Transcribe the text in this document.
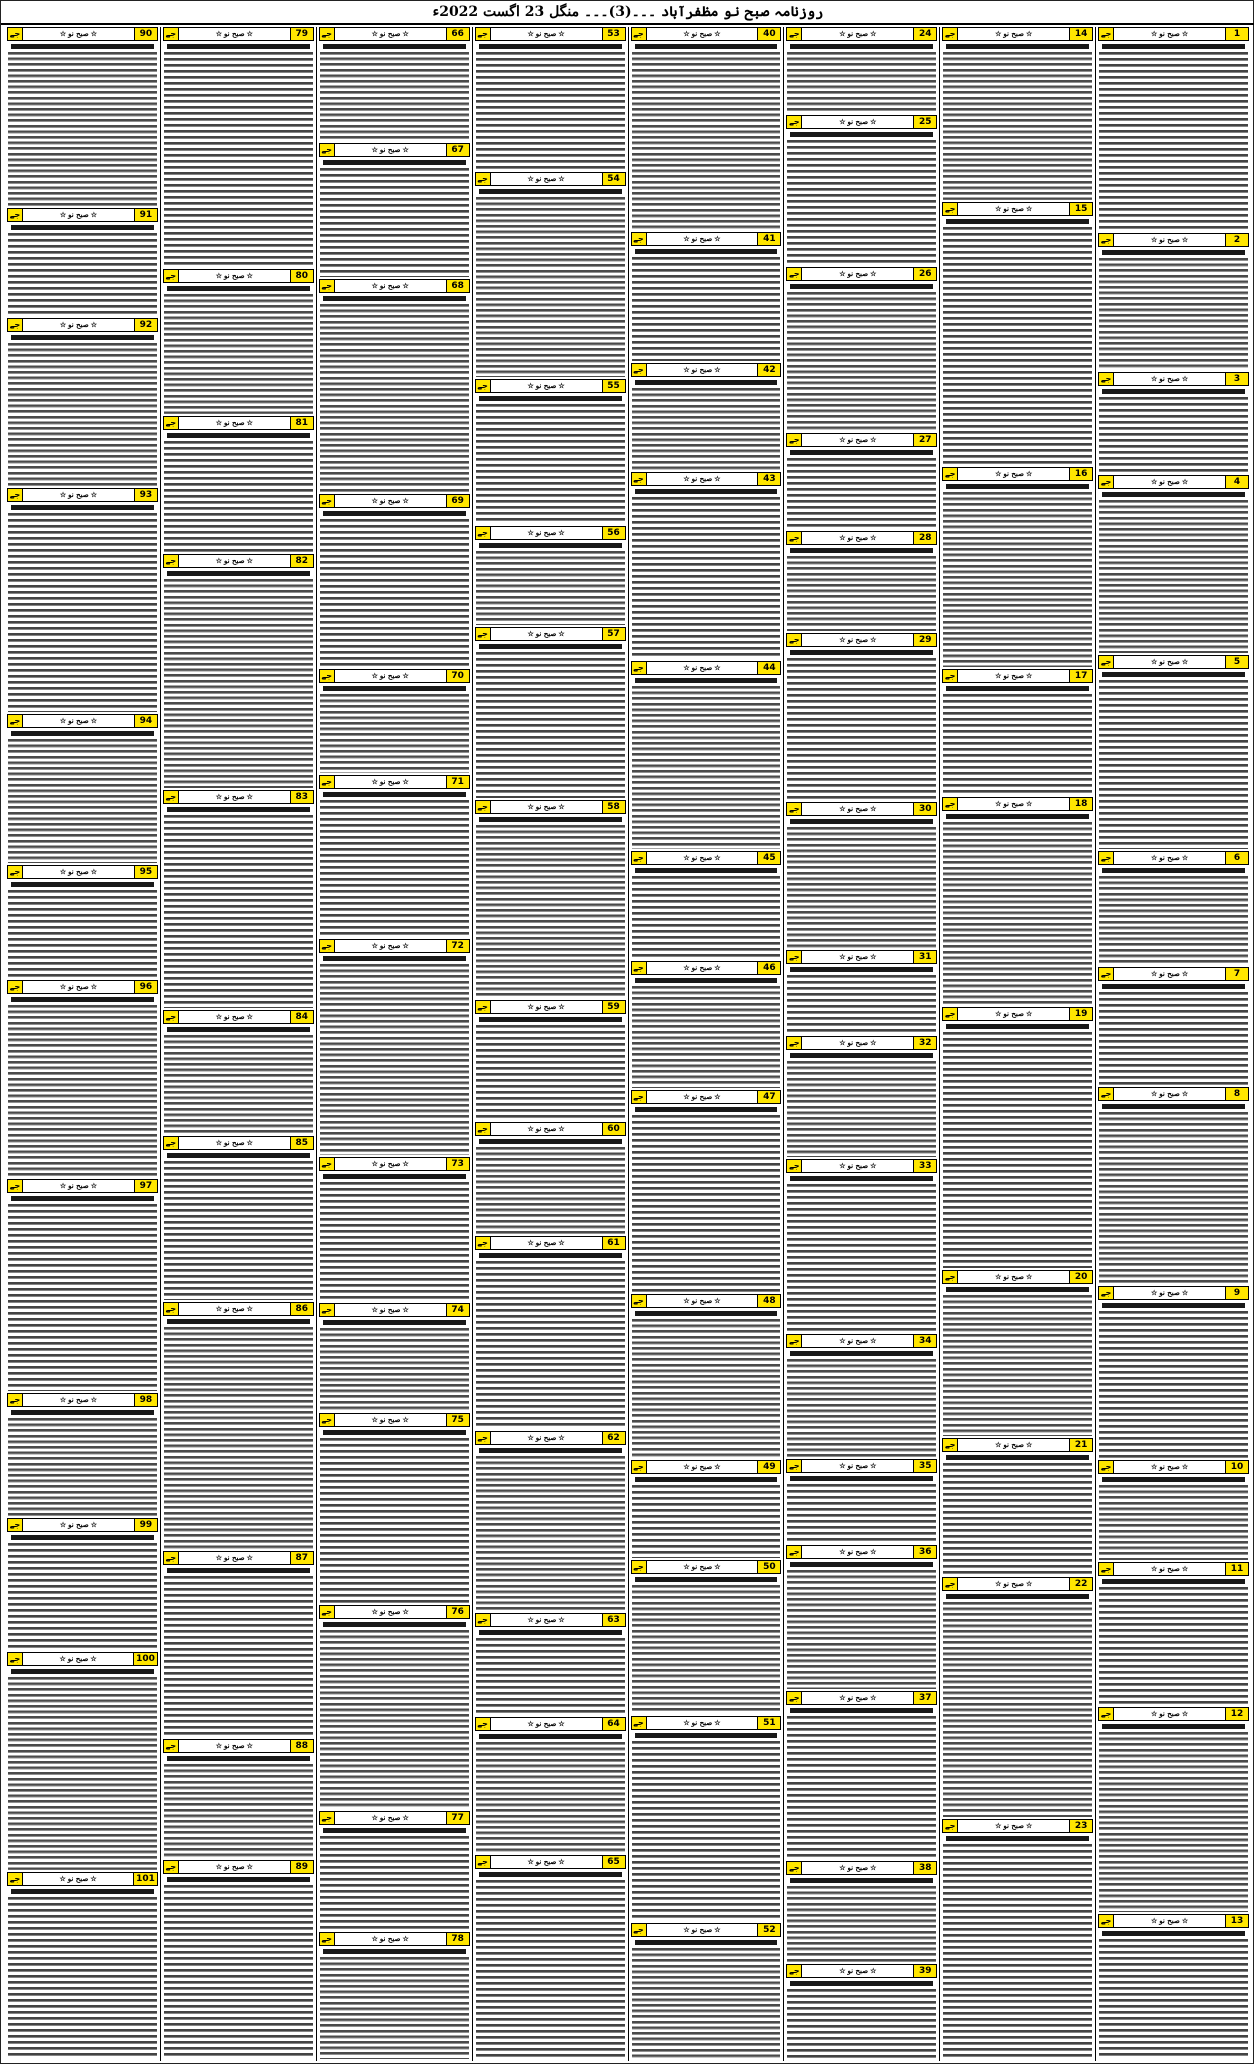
روزنامہ صبح نو مظفرآباد ۔۔۔(3)۔۔۔ منگل 23 اگست 2022ء
1
☆صبح نو☆
جے
2
☆صبح نو☆
جے
3
☆صبح نو☆
جے
4
☆صبح نو☆
جے
5
☆صبح نو☆
جے
6
☆صبح نو☆
جے
7
☆صبح نو☆
جے
8
☆صبح نو☆
جے
9
☆صبح نو☆
جے
10
☆صبح نو☆
جے
11
☆صبح نو☆
جے
12
☆صبح نو☆
جے
13
☆صبح نو☆
جے
14
☆صبح نو☆
جے
15
☆صبح نو☆
جے
16
☆صبح نو☆
جے
17
☆صبح نو☆
جے
18
☆صبح نو☆
جے
19
☆صبح نو☆
جے
20
☆صبح نو☆
جے
21
☆صبح نو☆
جے
22
☆صبح نو☆
جے
23
☆صبح نو☆
جے
24
☆صبح نو☆
جے
25
☆صبح نو☆
جے
26
☆صبح نو☆
جے
27
☆صبح نو☆
جے
28
☆صبح نو☆
جے
29
☆صبح نو☆
جے
30
☆صبح نو☆
جے
31
☆صبح نو☆
جے
32
☆صبح نو☆
جے
33
☆صبح نو☆
جے
34
☆صبح نو☆
جے
35
☆صبح نو☆
جے
36
☆صبح نو☆
جے
37
☆صبح نو☆
جے
38
☆صبح نو☆
جے
39
☆صبح نو☆
جے
40
☆صبح نو☆
جے
41
☆صبح نو☆
جے
42
☆صبح نو☆
جے
43
☆صبح نو☆
جے
44
☆صبح نو☆
جے
45
☆صبح نو☆
جے
46
☆صبح نو☆
جے
47
☆صبح نو☆
جے
48
☆صبح نو☆
جے
49
☆صبح نو☆
جے
50
☆صبح نو☆
جے
51
☆صبح نو☆
جے
52
☆صبح نو☆
جے
53
☆صبح نو☆
جے
54
☆صبح نو☆
جے
55
☆صبح نو☆
جے
56
☆صبح نو☆
جے
57
☆صبح نو☆
جے
58
☆صبح نو☆
جے
59
☆صبح نو☆
جے
60
☆صبح نو☆
جے
61
☆صبح نو☆
جے
62
☆صبح نو☆
جے
63
☆صبح نو☆
جے
64
☆صبح نو☆
جے
65
☆صبح نو☆
جے
66
☆صبح نو☆
جے
67
☆صبح نو☆
جے
68
☆صبح نو☆
جے
69
☆صبح نو☆
جے
70
☆صبح نو☆
جے
71
☆صبح نو☆
جے
72
☆صبح نو☆
جے
73
☆صبح نو☆
جے
74
☆صبح نو☆
جے
75
☆صبح نو☆
جے
76
☆صبح نو☆
جے
77
☆صبح نو☆
جے
78
☆صبح نو☆
جے
79
☆صبح نو☆
جے
80
☆صبح نو☆
جے
81
☆صبح نو☆
جے
82
☆صبح نو☆
جے
83
☆صبح نو☆
جے
84
☆صبح نو☆
جے
85
☆صبح نو☆
جے
86
☆صبح نو☆
جے
87
☆صبح نو☆
جے
88
☆صبح نو☆
جے
89
☆صبح نو☆
جے
90
☆صبح نو☆
جے
91
☆صبح نو☆
جے
92
☆صبح نو☆
جے
93
☆صبح نو☆
جے
94
☆صبح نو☆
جے
95
☆صبح نو☆
جے
96
☆صبح نو☆
جے
97
☆صبح نو☆
جے
98
☆صبح نو☆
جے
99
☆صبح نو☆
جے
100
☆صبح نو☆
جے
101
☆صبح نو☆
جے
